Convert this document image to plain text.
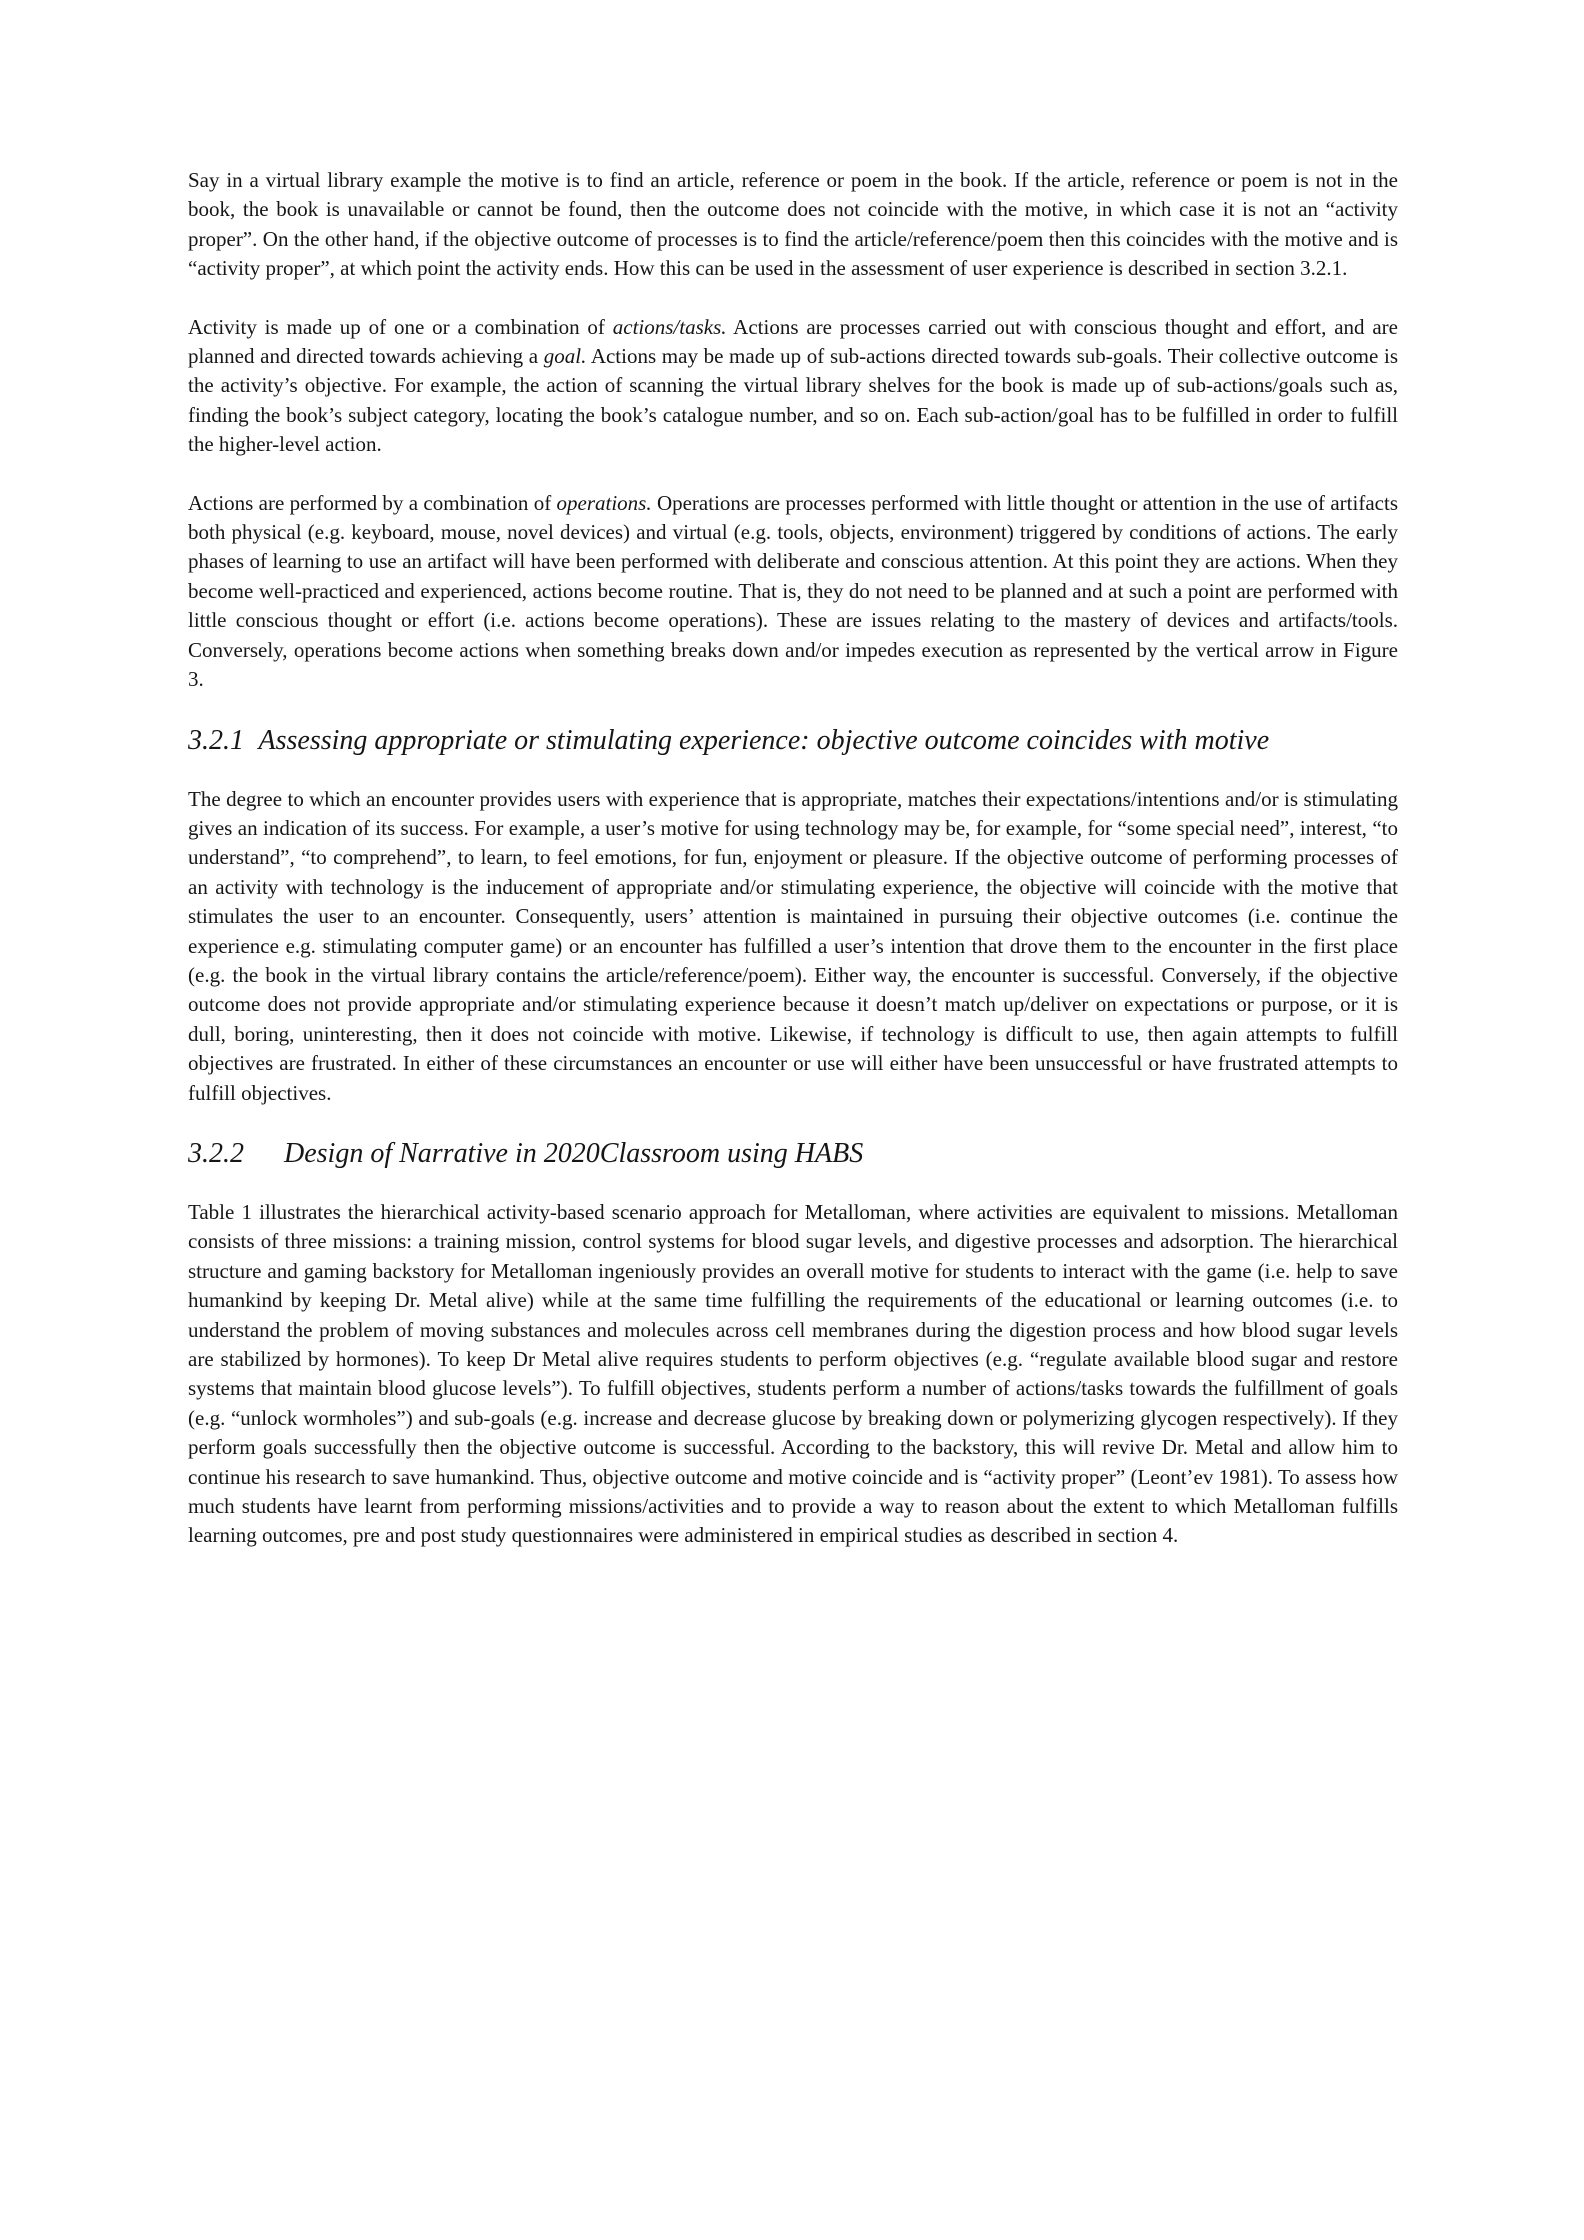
Say in a virtual library example the motive is to find an article, reference or poem in the book. If the article, reference or poem is not in the book, the book is unavailable or cannot be found, then the outcome does not coincide with the motive, in which case it is not an “activity proper”. On the other hand, if the objective outcome of processes is to find the article/reference/poem then this coincides with the motive and is “activity proper”, at which point the activity ends. How this can be used in the assessment of user experience is described in section 3.2.1.

Activity is made up of one or a combination of actions/tasks. Actions are processes carried out with conscious thought and effort, and are planned and directed towards achieving a goal. Actions may be made up of sub-actions directed towards sub-goals. Their collective outcome is the activity’s objective. For example, the action of scanning the virtual library shelves for the book is made up of sub-actions/goals such as, finding the book’s subject category, locating the book’s catalogue number, and so on. Each sub-action/goal has to be fulfilled in order to fulfill the higher-level action.

Actions are performed by a combination of operations. Operations are processes performed with little thought or attention in the use of artifacts both physical (e.g. keyboard, mouse, novel devices) and virtual (e.g. tools, objects, environment) triggered by conditions of actions. The early phases of learning to use an artifact will have been performed with deliberate and conscious attention. At this point they are actions. When they become well-practiced and experienced, actions become routine. That is, they do not need to be planned and at such a point are performed with little conscious thought or effort (i.e. actions become operations). These are issues relating to the mastery of devices and artifacts/tools. Conversely, operations become actions when something breaks down and/or impedes execution as represented by the vertical arrow in Figure 3.

3.2.1 Assessing appropriate or stimulating experience: objective outcome coincides with motive

The degree to which an encounter provides users with experience that is appropriate, matches their expectations/intentions and/or is stimulating gives an indication of its success. For example, a user’s motive for using technology may be, for example, for “some special need”, interest, “to understand”, “to comprehend”, to learn, to feel emotions, for fun, enjoyment or pleasure. If the objective outcome of performing processes of an activity with technology is the inducement of appropriate and/or stimulating experience, the objective will coincide with the motive that stimulates the user to an encounter. Consequently, users’ attention is maintained in pursuing their objective outcomes (i.e. continue the experience e.g. stimulating computer game) or an encounter has fulfilled a user’s intention that drove them to the encounter in the first place (e.g. the book in the virtual library contains the article/reference/poem). Either way, the encounter is successful. Conversely, if the objective outcome does not provide appropriate and/or stimulating experience because it doesn’t match up/deliver on expectations or purpose, or it is dull, boring, uninteresting, then it does not coincide with motive. Likewise, if technology is difficult to use, then again attempts to fulfill objectives are frustrated. In either of these circumstances an encounter or use will either have been unsuccessful or have frustrated attempts to fulfill objectives.

3.2.2 Design of Narrative in 2020Classroom using HABS

Table 1 illustrates the hierarchical activity-based scenario approach for Metalloman, where activities are equivalent to missions. Metalloman consists of three missions: a training mission, control systems for blood sugar levels, and digestive processes and adsorption. The hierarchical structure and gaming backstory for Metalloman ingeniously provides an overall motive for students to interact with the game (i.e. help to save humankind by keeping Dr. Metal alive) while at the same time fulfilling the requirements of the educational or learning outcomes (i.e. to understand the problem of moving substances and molecules across cell membranes during the digestion process and how blood sugar levels are stabilized by hormones). To keep Dr Metal alive requires students to perform objectives (e.g. “regulate available blood sugar and restore systems that maintain blood glucose levels”). To fulfill objectives, students perform a number of actions/tasks towards the fulfillment of goals (e.g. “unlock wormholes”) and sub-goals (e.g. increase and decrease glucose by breaking down or polymerizing glycogen respectively). If they perform goals successfully then the objective outcome is successful. According to the backstory, this will revive Dr. Metal and allow him to continue his research to save humankind. Thus, objective outcome and motive coincide and is “activity proper” (Leont’ev 1981). To assess how much students have learnt from performing missions/activities and to provide a way to reason about the extent to which Metalloman fulfills learning outcomes, pre and post study questionnaires were administered in empirical studies as described in section 4.
